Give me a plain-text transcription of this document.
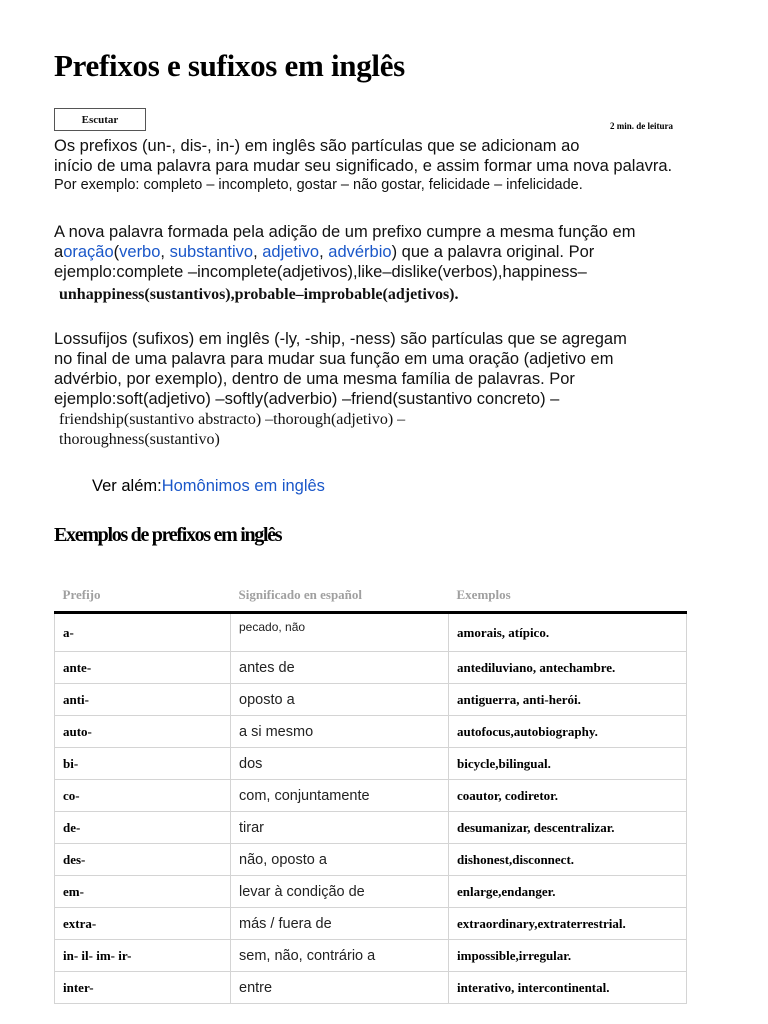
Prefixos e sufixos em inglês
Escutar
2 min. de leitura
Os prefixos (un-, dis-, in-) em inglês são partículas que se adicionam ao
início de uma palavra para mudar seu significado, e assim formar uma nova palavra.
Por exemplo: completo – incompleto, gostar – não gostar, felicidade – infelicidade.
A nova palavra formada pela adição de um prefixo cumpre a mesma função em
aoração(verbo, substantivo, adjetivo, advérbio) que a palavra original. Por
ejemplo:complete –incomplete(adjetivos),like–dislike(verbos),happiness–
unhappiness(sustantivos),probable–improbable(adjetivos).
Lossufijos (sufixos) em inglês (-ly, -ship, -ness) são partículas que se agregam
no final de uma palavra para mudar sua função em uma oração (adjetivo em
advérbio, por exemplo), dentro de uma mesma família de palavras. Por
ejemplo:soft(adjetivo) –softly(adverbio) –friend(sustantivo concreto) –
friendship(sustantivo abstracto) –thorough(adjetivo) –
thoroughness(sustantivo)
Ver além:Homônimos em inglês
Exemplos de prefixos em inglês
Prefijo	Significado en español	Exemplos
a-	pecado, não	amorais, atípico.
ante-	antes de	antediluviano, antechambre.
anti-	oposto a	antiguerra, anti-herói.
auto-	a si mesmo	autofocus,autobiography.
bi-	dos	bicycle,bilingual.
co-	com, conjuntamente	coautor, codiretor.
de-	tirar	desumanizar, descentralizar.
des-	não, oposto a	dishonest,disconnect.
em-	levar à condição de	enlarge,endanger.
extra-	más / fuera de	extraordinary,extraterrestrial.
in- il- im- ir-	sem, não, contrário a	impossible,irregular.
inter-	entre	interativo, intercontinental.
